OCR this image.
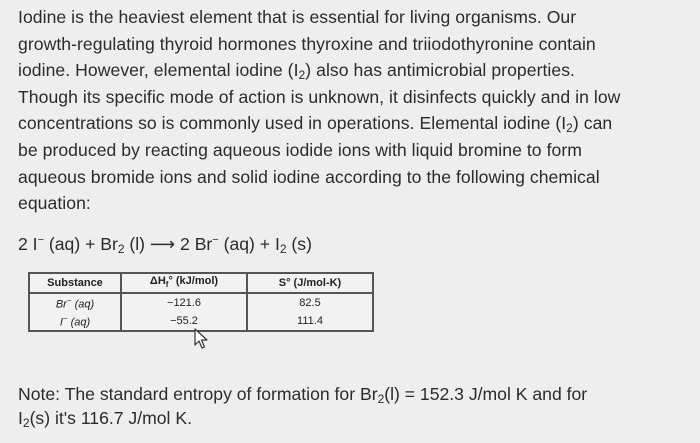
Iodine is the heaviest element that is essential for living organisms. Our
growth-regulating thyroid hormones thyroxine and triiodothyronine contain
iodine. However, elemental iodine $(I_2)$ also has antimicrobial properties.
Though its specific mode of action is unknown, it disinfects quickly and in low
concentrations so is commonly used in operations. Elemental iodine $(I_2)$ can
be produced by reacting aqueous iodide ions with liquid bromine to form
aqueous bromide ions and solid iodine according to the following chemical
equation:
2 I− $(aq) + Br_2$ (l) ⟶ 2 Br− $(aq) + I_2$ (s)
Substance	$\Delta H_f^\circ$ (kJ/mol)	S° (J/mol-K)
Br− (aq)	−121.6	82.5
I− (aq)	−55.2	111.4
Note: The standard entropy of formation for $Br_2(l) = 152.3$ J/mol K and for
$I_2(s)$ it's 116.7 J/mol K.
